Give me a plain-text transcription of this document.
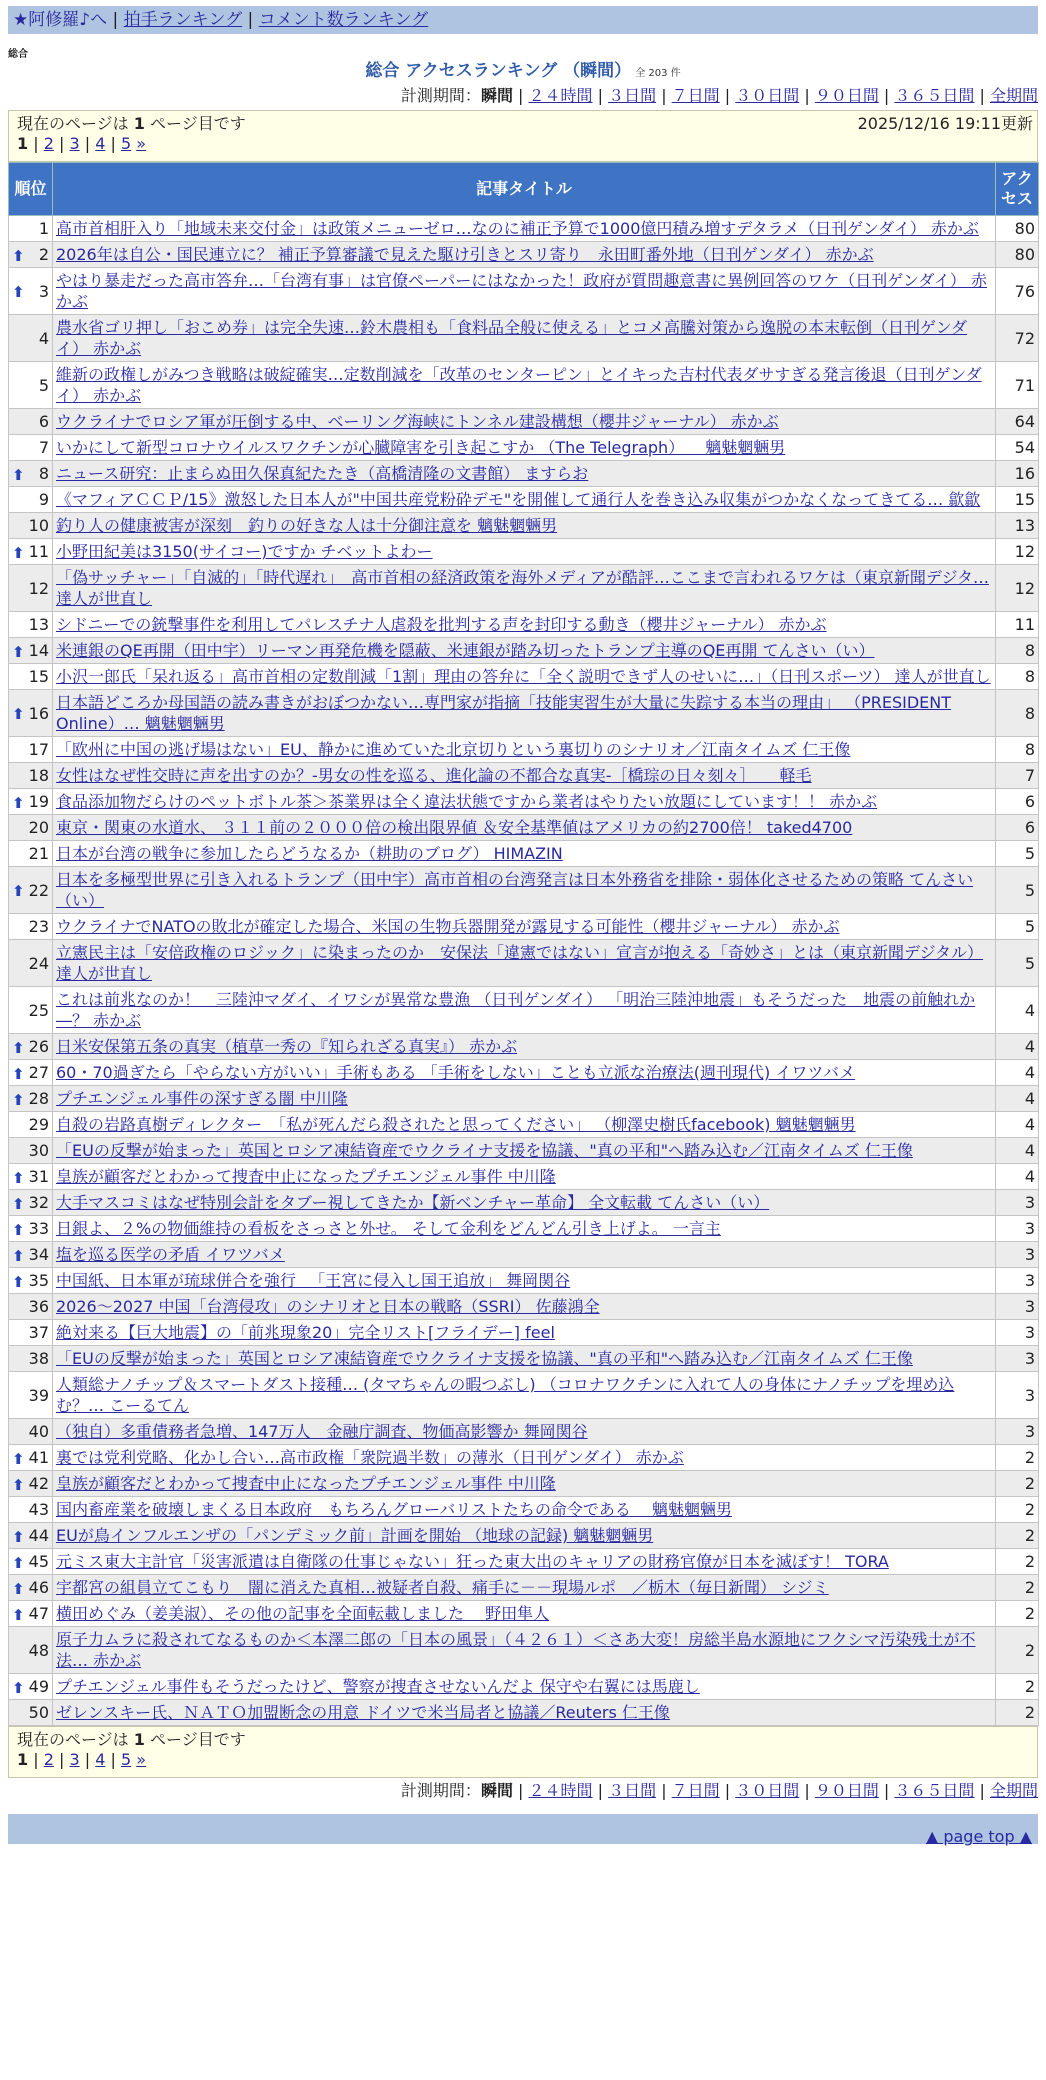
★阿修羅♪へ | 拍手ランキング | コメント数ランキング
総合
総合 アクセスランキング （瞬間） 全 203 件
計測期間：瞬間 | ２４時間 | ３日間 | ７日間 | ３０日間 | ９０日間 | ３６５日間 | 全期間
現在のページは 1 ページ目です	2025/12/16 19:11更新
1 | 2 | 3 | 4 | 5 »
順位	記事タイトル	アクセス
1	高市首相肝入り「地域未来交付金」は政策メニューゼロ…なのに補正予算で1000億円積み増すデタラメ（日刊ゲンダイ） 赤かぶ	80

⬆ 2	2026年は自公・国民連立に？ 補正予算審議で見えた駆け引きとスリ寄り　永田町番外地（日刊ゲンダイ） 赤かぶ	80

⬆ 3	やはり暴走だった高市答弁…「台湾有事」は官僚ペーパーにはなかった！政府が質問趣意書に異例回答のワケ（日刊ゲンダイ） 赤かぶ	76
4	農水省ゴリ押し「おこめ券」は完全失速…鈴木農相も「食料品全般に使える」とコメ高騰対策から逸脱の本末転倒（日刊ゲンダイ） 赤かぶ	72
5	維新の政権しがみつき戦略は破綻確実…定数削減を「改革のセンターピン」とイキった吉村代表ダサすぎる発言後退（日刊ゲンダイ） 赤かぶ	71
6	ウクライナでロシア軍が圧倒する中、ベーリング海峡にトンネル建設構想（櫻井ジャーナル） 赤かぶ	64
7	いかにして新型コロナウイルスワクチンが心臓障害を引き起こすか （The Telegraph） 　魑魅魍魎男	54

⬆ 8	ニュース研究：止まらぬ田久保真紀たたき（高橋清隆の文書館） ますらお	16
9	《マフィアＣＣＰ/15》激怒した日本人が"中国共産党粉砕デモ"を開催して通行人を巻き込み収集がつかなくなってきてる… 歙歙	15
10	釣り人の健康被害が深刻　釣りの好きな人は十分御注意を 魑魅魍魎男	13

⬆ 11	小野田紀美は3150(サイコー)ですか チベットよわー	12
12	「偽サッチャー」「自滅的」「時代遅れ」　高市首相の経済政策を海外メディアが酷評…ここまで言われるワケは（東京新聞デジタ… 達人が世直し	12
13	シドニーでの銃撃事件を利用してパレスチナ人虐殺を批判する声を封印する動き（櫻井ジャーナル） 赤かぶ	11

⬆ 14	米連銀のQE再開（田中宇）リーマン再発危機を隠蔽、米連銀が踏み切ったトランプ主導のQE再開 てんさい（い）	8
15	小沢一郎氏「呆れ返る」高市首相の定数削減「1割」理由の答弁に「全く説明できず人のせいに…」（日刊スポーツ） 達人が世直し	8

⬆ 16	日本語どころか母国語の読み書きがおぼつかない…専門家が指摘「技能実習生が大量に失踪する本当の理由」 （PRESIDENT Online）… 魑魅魍魎男	8
17	「欧州に中国の逃げ場はない」EU、静かに進めていた北京切りという裏切りのシナリオ／江南タイムズ 仁王像	8
18	女性はなぜ性交時に声を出すのか？-男女の性を巡る、進化論の不都合な真実-［橋琮の日々刻々］　　軽毛	7

⬆ 19	食品添加物だらけのペットボトル茶＞茶業界は全く違法状態ですから業者はやりたい放題にしています！！ 赤かぶ	6
20	東京・関東の水道水、 ３１１前の２０００倍の検出限界値 ＆安全基準値はアメリカの約2700倍！ taked4700	6
21	日本が台湾の戦争に参加したらどうなるか（耕助のブログ） HIMAZIN	5

⬆ 22	日本を多極型世界に引き入れるトランプ（田中宇）高市首相の台湾発言は日本外務省を排除・弱体化させるための策略 てんさい（い）	5
23	ウクライナでNATOの敗北が確定した場合、米国の生物兵器開発が露見する可能性（櫻井ジャーナル） 赤かぶ	5
24	立憲民主は「安倍政権のロジック」に染まったのか　安保法「違憲ではない」宣言が抱える「奇妙さ」とは（東京新聞デジタル） 達人が世直し	5
25	これは前兆なのか！　三陸沖マダイ、イワシが異常な豊漁 （日刊ゲンダイ） 「明治三陸沖地震」もそうだった　地震の前触れか―？ 赤かぶ	4

⬆ 26	日米安保第五条の真実（植草一秀の『知られざる真実』） 赤かぶ	4

⬆ 27	60・70過ぎたら「やらない方がいい」手術もある 「手術をしない」ことも立派な治療法(週刊現代) イワツバメ	4

⬆ 28	プチエンジェル事件の深すぎる闇 中川隆	4
29	自殺の岩路真樹ディレクター　「私が死んだら殺されたと思ってください」 （柳澤史樹氏facebook) 魑魅魍魎男	4
30	「EUの反撃が始まった」英国とロシア凍結資産でウクライナ支援を協議、"真の平和"へ踏み込む／江南タイムズ 仁王像	4

⬆ 31	皇族が顧客だとわかって捜査中止になったプチエンジェル事件 中川隆	4

⬆ 32	大手マスコミはなぜ特別会計をタブー視してきたか【新ベンチャー革命】 全文転載 てんさい（い）	3

⬆ 33	日銀よ、２%の物価維持の看板をさっさと外せ。 そして金利をどんどん引き上げよ。 一言主	3

⬆ 34	塩を巡る医学の矛盾 イワツバメ	3

⬆ 35	中国紙、日本軍が琉球併合を強行 　「王宮に侵入し国王追放」 舞岡関谷	3
36	2026～2027 中国「台湾侵攻」のシナリオと日本の戦略（SSRI） 佐藤鴻全	3
37	絶対来る【巨大地震】の「前兆現象20」完全リスト[フライデー] feel	3
38	「EUの反撃が始まった」英国とロシア凍結資産でウクライナ支援を協議、"真の平和"へ踏み込む／江南タイムズ 仁王像	3
39	人類総ナノチップ＆スマートダスト接種… (タマちゃんの暇つぶし) （コロナワクチンに入れて人の身体にナノチップを埋め込む？… こーるてん	3
40	（独自）多重債務者急増、147万人　金融庁調査、物価高影響か 舞岡関谷	3

⬆ 41	裏では党利党略、化かし合い…高市政権「衆院過半数」の薄氷（日刊ゲンダイ） 赤かぶ	2

⬆ 42	皇族が顧客だとわかって捜査中止になったプチエンジェル事件 中川隆	2
43	国内畜産業を破壊しまくる日本政府　もちろんグローバリストたちの命令である　 魑魅魍魎男	2

⬆ 44	EUが鳥インフルエンザの「パンデミック前」計画を開始 （地球の記録) 魑魅魍魎男	2

⬆ 45	元ミス東大主計官「災害派遣は自衛隊の仕事じゃない」狂った東大出のキャリアの財務官僚が日本を滅ぼす！ TORA	2

⬆ 46	宇都宮の組員立てこもり　闇に消えた真相…被疑者自殺、痛手に－－現場ルポ　／栃木（毎日新聞） シジミ	2

⬆ 47	横田めぐみ（姜美淑）、その他の記事を全面転載しました　 野田隼人	2
48	原子力ムラに殺されてなるものか＜本澤二郎の「日本の風景」（４２６１）＜さあ大変！房総半島水源地にフクシマ汚染残土が不法… 赤かぶ	2

⬆ 49	プチエンジェル事件もそうだったけど、警察が捜査させないんだよ 保守や右翼には馬鹿し	2
50	ゼレンスキー氏、ＮＡＴＯ加盟断念の用意 ドイツで米当局者と協議／Reuters 仁王像	2
現在のページは 1 ページ目です
1 | 2 | 3 | 4 | 5 »
計測期間：瞬間 | ２４時間 | ３日間 | ７日間 | ３０日間 | ９０日間 | ３６５日間 | 全期間
▲ page top ▲
